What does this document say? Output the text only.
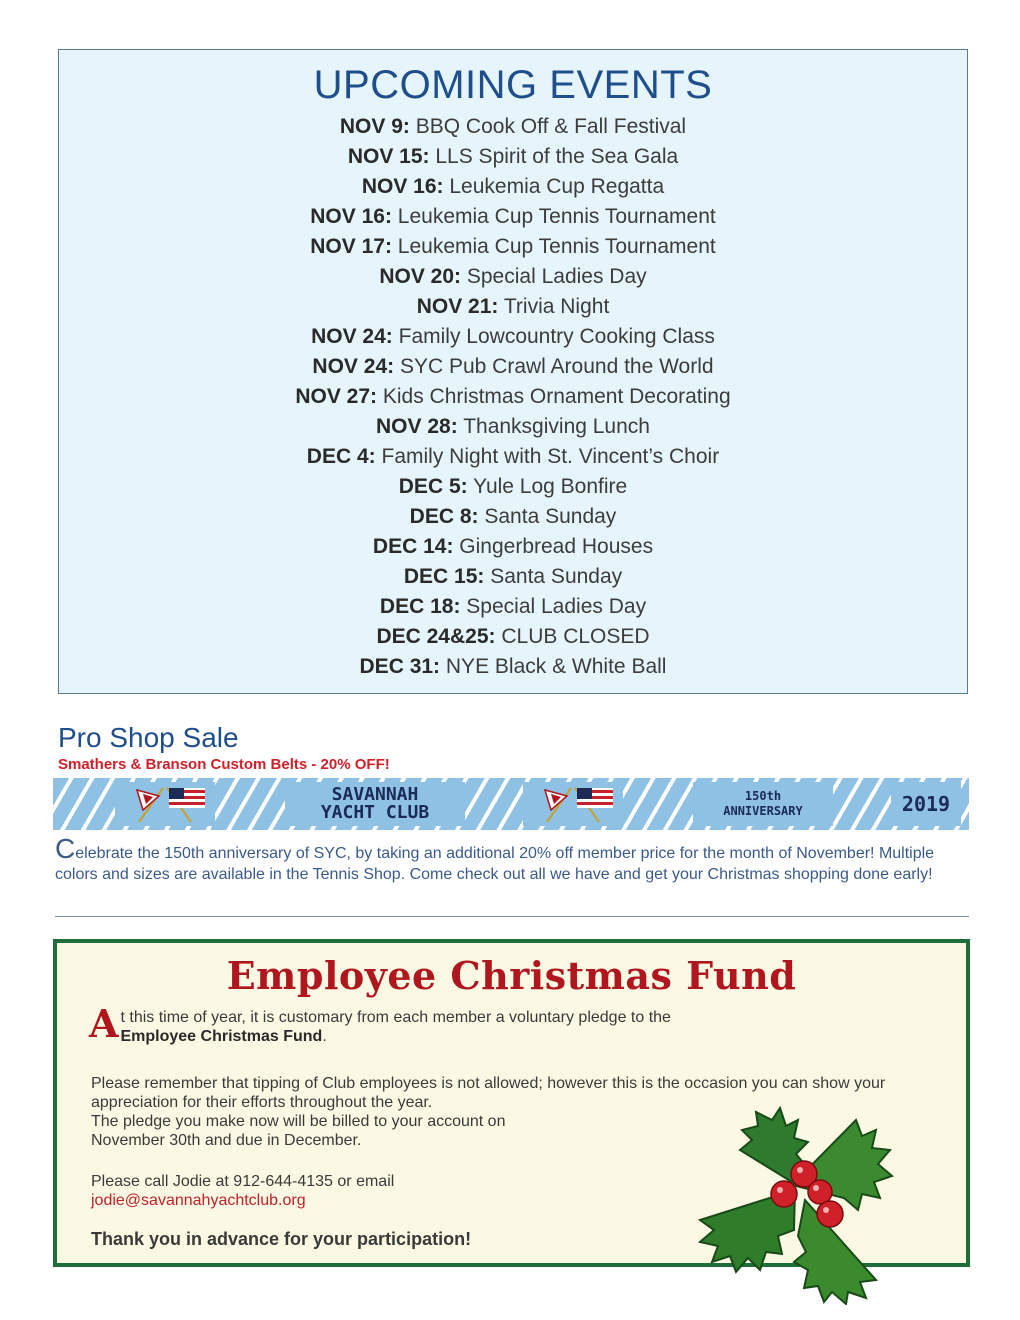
UPCOMING EVENTS
NOV 9: BBQ Cook Off & Fall Festival
NOV 15: LLS Spirit of the Sea Gala
NOV 16: Leukemia Cup Regatta
NOV 16: Leukemia Cup Tennis Tournament
NOV 17: Leukemia Cup Tennis Tournament
NOV 20: Special Ladies Day
NOV 21: Trivia Night
NOV 24: Family Lowcountry Cooking Class
NOV 24: SYC Pub Crawl Around the World
NOV 27: Kids Christmas Ornament Decorating
NOV 28: Thanksgiving Lunch
DEC 4: Family Night with St. Vincent’s Choir
DEC 5: Yule Log Bonfire
DEC 8: Santa Sunday
DEC 14: Gingerbread Houses
DEC 15: Santa Sunday
DEC 18: Special Ladies Day
DEC 24&25: CLUB CLOSED
DEC 31: NYE Black & White Ball
Pro Shop Sale

Smathers & Branson Custom Belts - 20% OFF!

SAVANNAH
YACHT CLUB
150th
ANNIVERSARY	2019

Celebrate the 150th anniversary of SYC, by taking an additional 20% off member price for the month of November! Multiple colors and sizes are available in the Tennis Shop. Come check out all we have and get your Christmas shopping done early!

Employee Christmas Fund

At this time of year, it is customary from each member a voluntary pledge to the
Employee Christmas Fund.

Please remember that tipping of Club employees is not allowed; however this is the occasion you can show your appreciation for their efforts throughout the year.
The pledge you make now will be billed to your account on
November 30th and due in December.

Please call Jodie at 912-644-4135 or email
jodie@savannahyachtclub.org

Thank you in advance for your participation!
